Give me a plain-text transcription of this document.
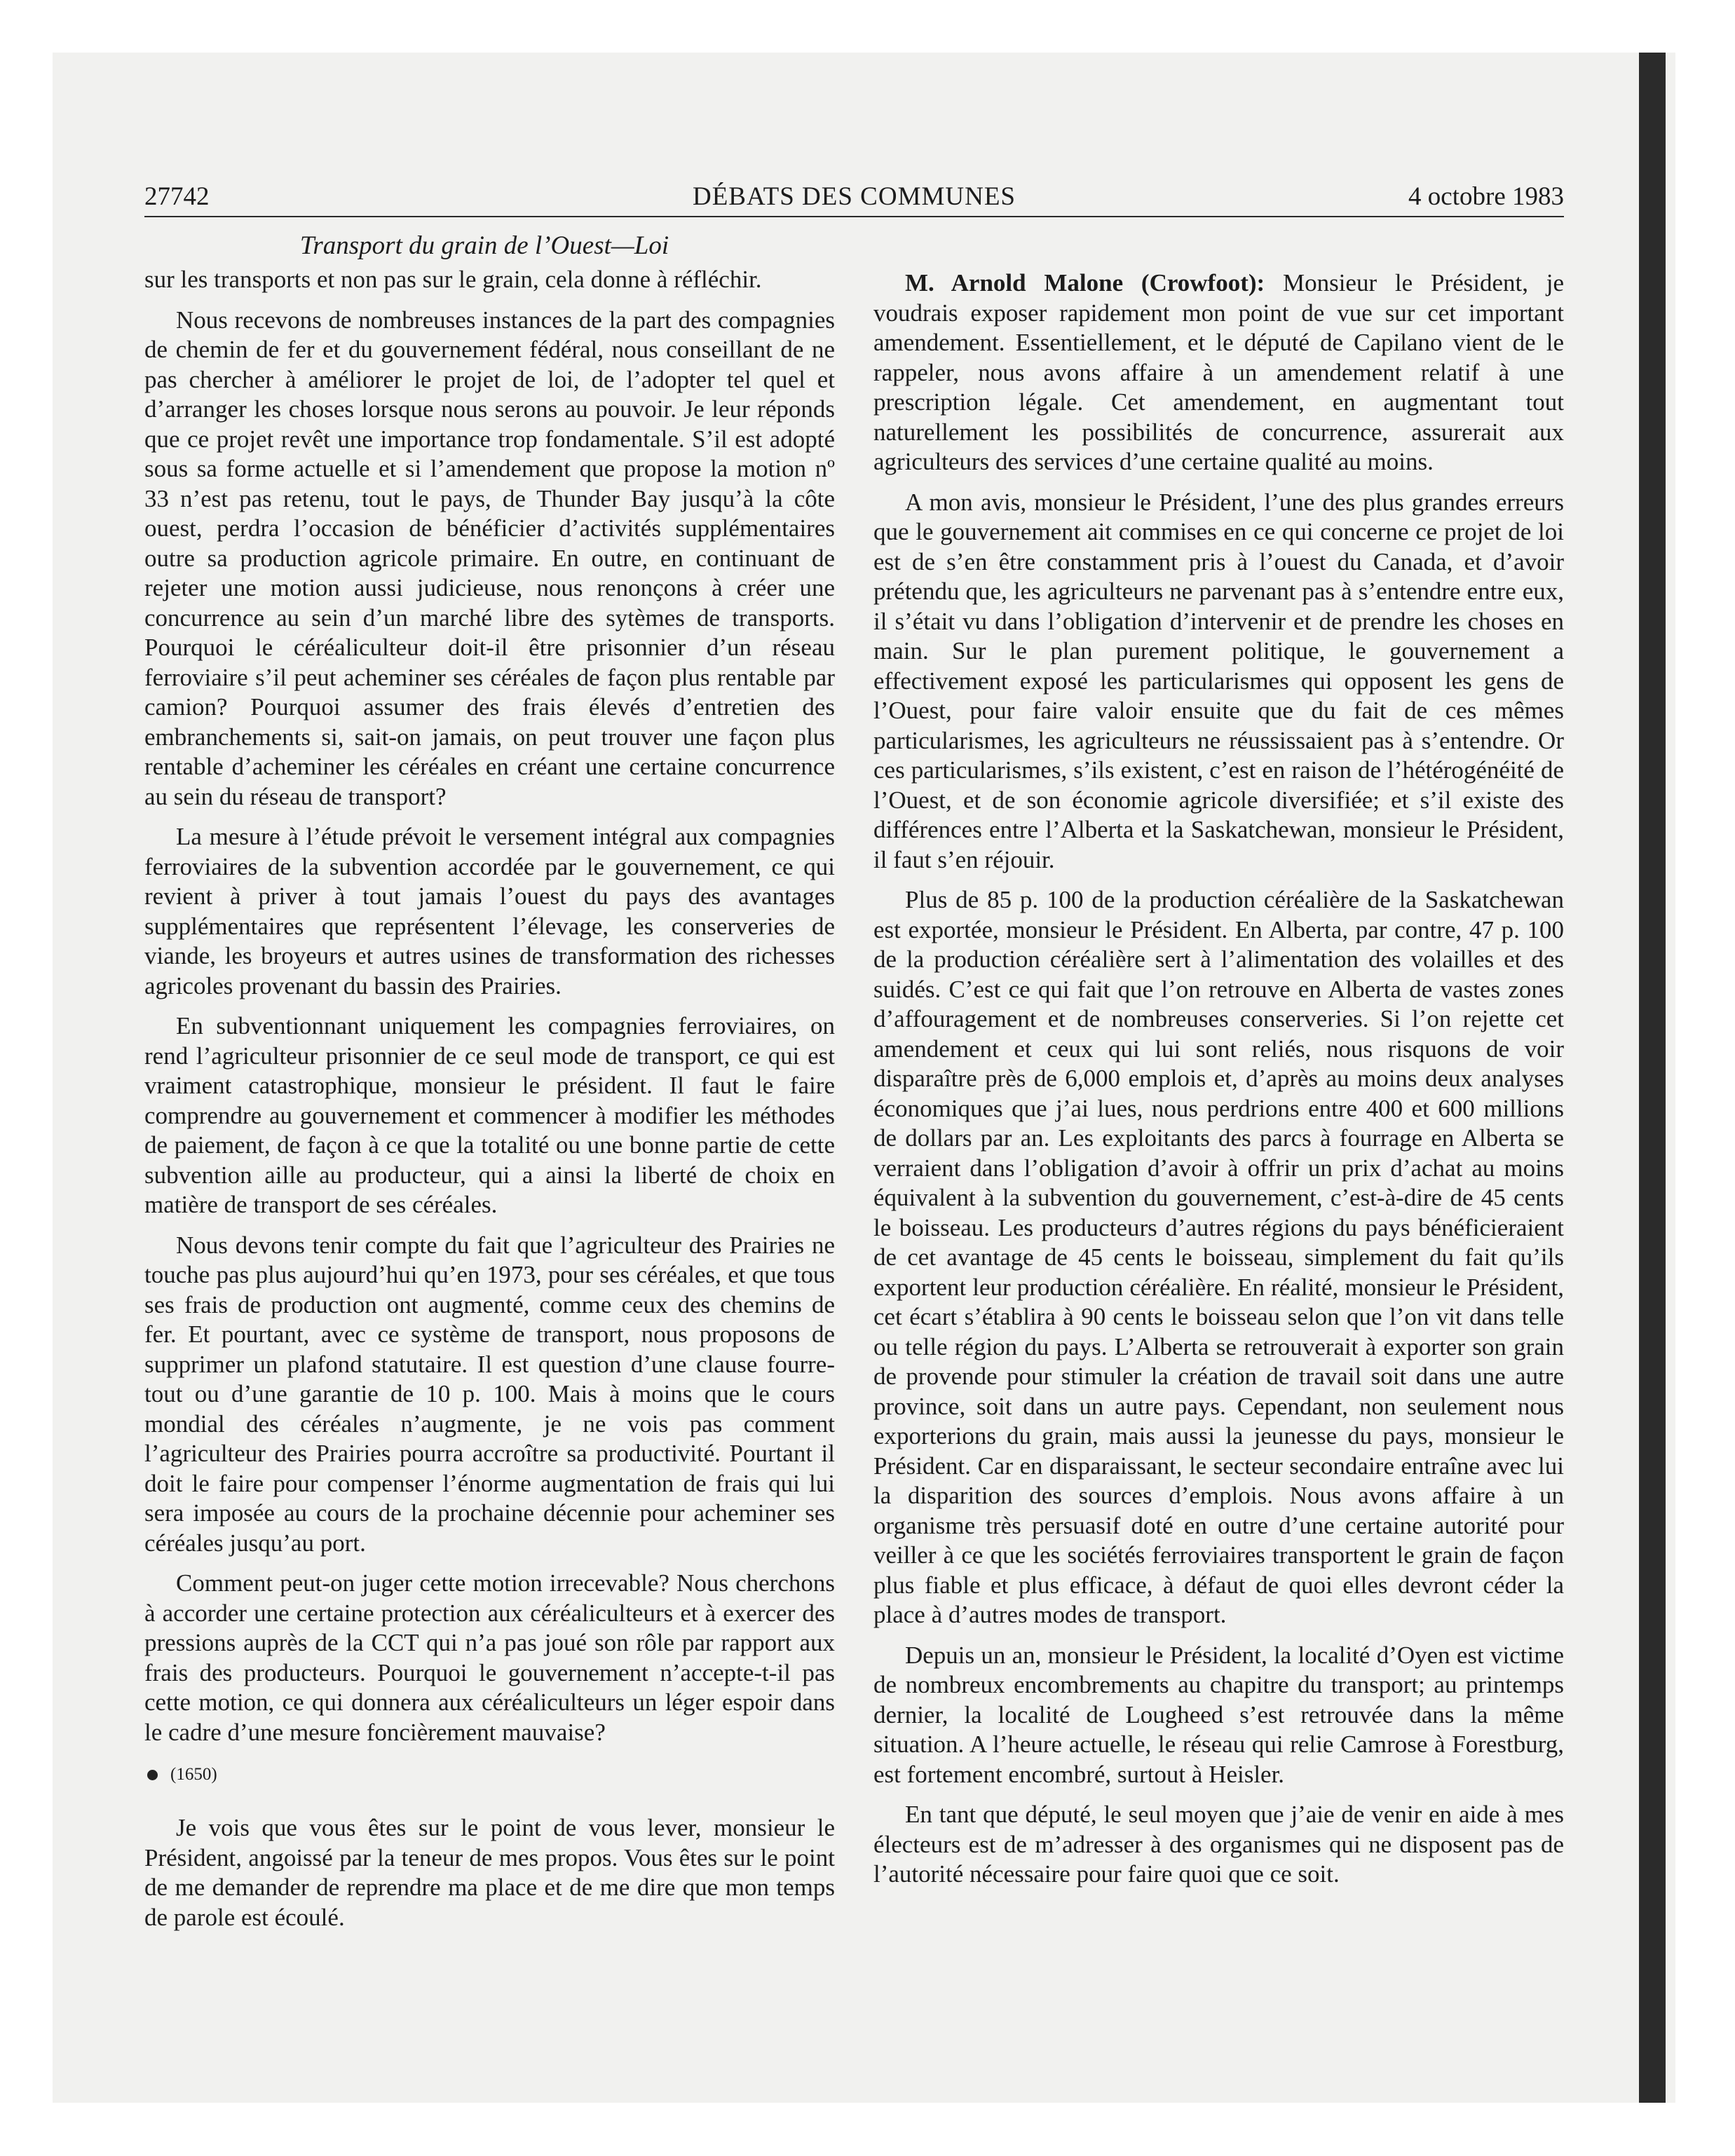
27742	DÉBATS DES COMMUNES	4 octobre 1983
Transport du grain de l’Ouest—Loi

sur les transports et non pas sur le grain, cela donne à réfléchir.

Nous recevons de nombreuses instances de la part des compagnies de chemin de fer et du gouvernement fédéral, nous conseillant de ne pas chercher à améliorer le projet de loi, de l’adopter tel quel et d’arranger les choses lorsque nous serons au pouvoir. Je leur réponds que ce projet revêt une importance trop fondamentale. S’il est adopté sous sa forme actuelle et si l’amendement que propose la motion nº 33 n’est pas retenu, tout le pays, de Thunder Bay jusqu’à la côte ouest, perdra l’occasion de bénéficier d’activités supplémentaires outre sa production agricole primaire. En outre, en continuant de rejeter une motion aussi judicieuse, nous renonçons à créer une concurrence au sein d’un marché libre des sytèmes de transports. Pourquoi le céréaliculteur doit-il être prisonnier d’un réseau ferroviaire s’il peut acheminer ses céréales de façon plus rentable par camion? Pourquoi assumer des frais élevés d’entretien des embranchements si, sait-on jamais, on peut trouver une façon plus rentable d’acheminer les céréales en créant une certaine concurrence au sein du réseau de transport?

La mesure à l’étude prévoit le versement intégral aux compagnies ferroviaires de la subvention accordée par le gouvernement, ce qui revient à priver à tout jamais l’ouest du pays des avantages supplémentaires que représentent l’élevage, les conserveries de viande, les broyeurs et autres usines de transformation des richesses agricoles provenant du bassin des Prairies.

En subventionnant uniquement les compagnies ferroviaires, on rend l’agriculteur prisonnier de ce seul mode de transport, ce qui est vraiment catastrophique, monsieur le président. Il faut le faire comprendre au gouvernement et commencer à modifier les méthodes de paiement, de façon à ce que la totalité ou une bonne partie de cette subvention aille au producteur, qui a ainsi la liberté de choix en matière de transport de ses céréales.

Nous devons tenir compte du fait que l’agriculteur des Prairies ne touche pas plus aujourd’hui qu’en 1973, pour ses céréales, et que tous ses frais de production ont augmenté, comme ceux des chemins de fer. Et pourtant, avec ce système de transport, nous proposons de supprimer un plafond statutaire. Il est question d’une clause fourre-tout ou d’une garantie de 10 p. 100. Mais à moins que le cours mondial des céréales n’augmente, je ne vois pas comment l’agriculteur des Prairies pourra accroître sa productivité. Pourtant il doit le faire pour compenser l’énorme augmentation de frais qui lui sera imposée au cours de la prochaine décennie pour acheminer ses céréales jusqu’au port.

Comment peut-on juger cette motion irrecevable? Nous cherchons à accorder une certaine protection aux céréaliculteurs et à exercer des pressions auprès de la CCT qui n’a pas joué son rôle par rapport aux frais des producteurs. Pourquoi le gouvernement n’accepte-t-il pas cette motion, ce qui donnera aux céréaliculteurs un léger espoir dans le cadre d’une mesure foncièrement mauvaise?

(1650)

Je vois que vous êtes sur le point de vous lever, monsieur le Président, angoissé par la teneur de mes propos. Vous êtes sur le point de me demander de reprendre ma place et de me dire que mon temps de parole est écoulé.

M. Arnold Malone (Crowfoot): Monsieur le Président, je voudrais exposer rapidement mon point de vue sur cet important amendement. Essentiellement, et le député de Capilano vient de le rappeler, nous avons affaire à un amendement relatif à une prescription légale. Cet amendement, en augmentant tout naturellement les possibilités de concurrence, assurerait aux agriculteurs des services d’une certaine qualité au moins.

A mon avis, monsieur le Président, l’une des plus grandes erreurs que le gouvernement ait commises en ce qui concerne ce projet de loi est de s’en être constamment pris à l’ouest du Canada, et d’avoir prétendu que, les agriculteurs ne parvenant pas à s’entendre entre eux, il s’était vu dans l’obligation d’intervenir et de prendre les choses en main. Sur le plan purement politique, le gouvernement a effectivement exposé les particularismes qui opposent les gens de l’Ouest, pour faire valoir ensuite que du fait de ces mêmes particularismes, les agriculteurs ne réussissaient pas à s’entendre. Or ces particularismes, s’ils existent, c’est en raison de l’hétérogénéité de l’Ouest, et de son économie agricole diversifiée; et s’il existe des différences entre l’Alberta et la Saskatchewan, monsieur le Président, il faut s’en réjouir.

Plus de 85 p. 100 de la production céréalière de la Saskatchewan est exportée, monsieur le Président. En Alberta, par contre, 47 p. 100 de la production céréalière sert à l’alimentation des volailles et des suidés. C’est ce qui fait que l’on retrouve en Alberta de vastes zones d’affouragement et de nombreuses conserveries. Si l’on rejette cet amendement et ceux qui lui sont reliés, nous risquons de voir disparaître près de 6,000 emplois et, d’après au moins deux analyses économiques que j’ai lues, nous perdrions entre 400 et 600 millions de dollars par an. Les exploitants des parcs à fourrage en Alberta se verraient dans l’obligation d’avoir à offrir un prix d’achat au moins équivalent à la subvention du gouvernement, c’est-à-dire de 45 cents le boisseau. Les producteurs d’autres régions du pays bénéficieraient de cet avantage de 45 cents le boisseau, simplement du fait qu’ils exportent leur production céréalière. En réalité, monsieur le Président, cet écart s’établira à 90 cents le boisseau selon que l’on vit dans telle ou telle région du pays. L’Alberta se retrouverait à exporter son grain de provende pour stimuler la création de travail soit dans une autre province, soit dans un autre pays. Cependant, non seulement nous exporterions du grain, mais aussi la jeunesse du pays, monsieur le Président. Car en disparaissant, le secteur secondaire entraîne avec lui la disparition des sources d’emplois. Nous avons affaire à un organisme très persuasif doté en outre d’une certaine autorité pour veiller à ce que les sociétés ferroviaires transportent le grain de façon plus fiable et plus efficace, à défaut de quoi elles devront céder la place à d’autres modes de transport.

Depuis un an, monsieur le Président, la localité d’Oyen est victime de nombreux encombrements au chapitre du transport; au printemps dernier, la localité de Lougheed s’est retrouvée dans la même situation. A l’heure actuelle, le réseau qui relie Camrose à Forestburg, est fortement encombré, surtout à Heisler.

En tant que député, le seul moyen que j’aie de venir en aide à mes électeurs est de m’adresser à des organismes qui ne disposent pas de l’autorité nécessaire pour faire quoi que ce soit.
